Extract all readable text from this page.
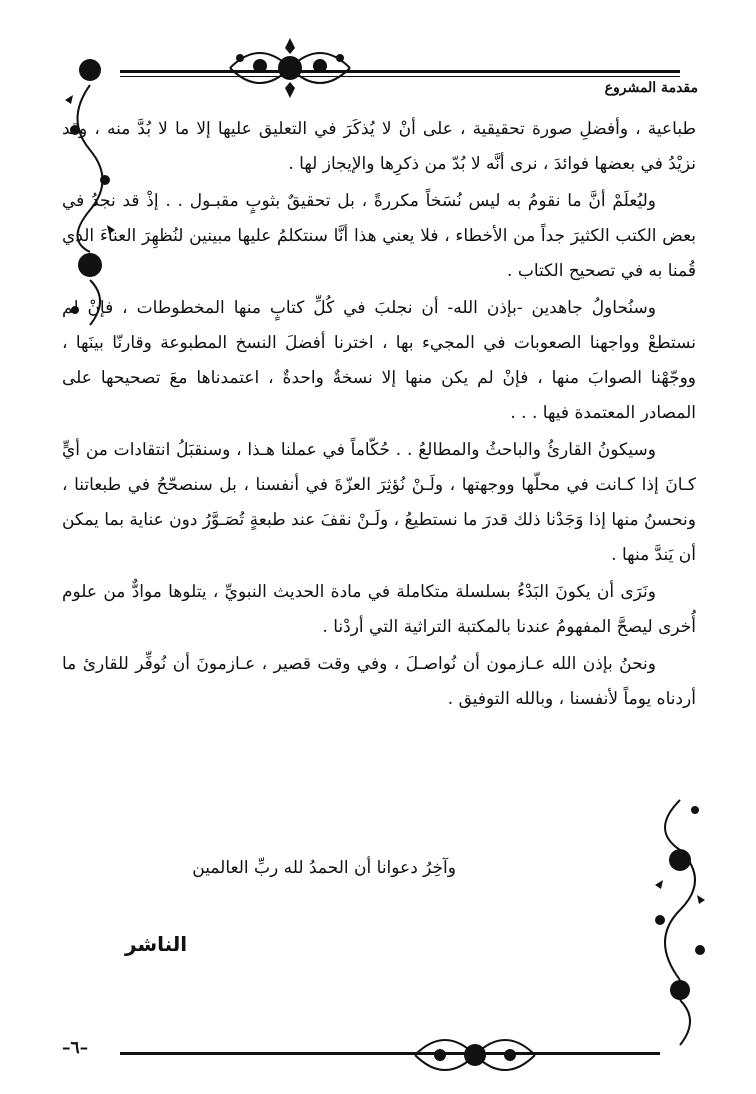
مقدمة المشروع

طباعية ، وأفضلِ صورة تحقيقية ، على أنْ لا يُذكَرَ في التعليق عليها إلا ما لا بُدَّ منه ، وقد نزيْدُ في بعضها فوائدَ ، نرى أنَّه لا بُدّ من ذكرِها والإيجاز لها .

وليُعلَمْ أنَّ ما نقومُ به ليس نُسَخاً مكررةً ، بل تحقيقٌ بثوبٍ مقبـول . . إذْ قد نجدُ في بعض الكتب الكثيرَ جداً من الأخطاء ، فلا يعني هذا أنَّا سنتكلمُ عليها مبينين لنُظهِرَ العناءَ الذي قُمنا به في تصحيح الكتاب .

وسنُحاولُ جاهدين -بإذن الله- أن نجلبَ في كُلِّ كتابٍ منها المخطوطات ، فإنْ لم نستطعْ وواجهنا الصعوبات في المجيء بها ، اخترنا أفضلَ النسخ المطبوعة وقارنّا بينَها ، ووجّهْنا الصوابَ منها ، فإنْ لم يكن منها إلا نسخةٌ واحدةٌ ، اعتمدناها معَ تصحيحها على المصادر المعتمدة فيها . . .

وسيكونُ القارئُ والباحثُ والمطالعُ . . حُكّاماً في عملنا هـذا ، وسنقبَلُ انتقادات من أيٍّ كـانَ إذا كـانت في محلّها ووجهتها ، ولَـنْ نُؤثِرَ العزّةَ في أنفسنا ، بل سنصحّحُ في طبعاتنا ، ونحسنُ منها إذا وَجَدْنا ذلك قدرَ ما نستطيعُ ، ولَـنْ نقفَ عند طبعةٍ تُصَـوَّرُ دون عناية بما يمكن أن يَندَّ منها .

ونَرَى أن يكونَ البَدْءُ بسلسلة متكاملة في مادة الحديث النبويِّ ، يتلوها موادٌّ من علوم أُخرى ليصحَّ المفهومُ عندنا بالمكتبة التراثية التي أردْنا .

ونحنُ بإذن الله عـازمون أن نُواصـلَ ، وفي وقت قصير ، عـازمونَ أن نُوفِّر للقارئ ما أردناه يوماً لأنفسنا ، وبالله التوفيق .

وآخِرُ دعوانا أن الحمدُ لله ربِّ العالمين
الناشر
–٦–
